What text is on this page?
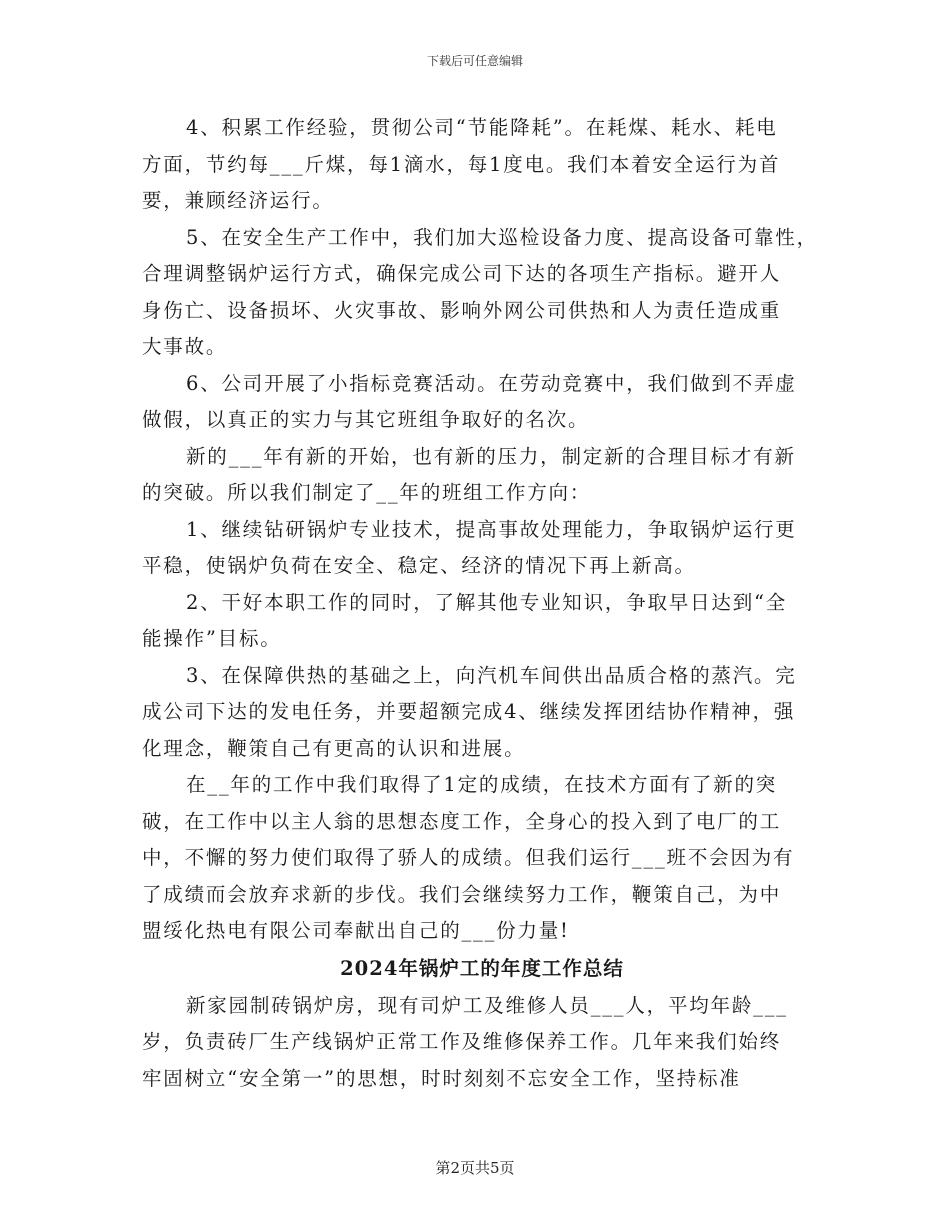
下载后可任意编辑
4、积累工作经验，贯彻公司“节能降耗”。在耗煤、耗水、耗电
方面，节约每___斤煤，每1滴水，每1度电。我们本着安全运行为首
要，兼顾经济运行。
5、在安全生产工作中，我们加大巡检设备力度、提高设备可靠性，
合理调整锅炉运行方式，确保完成公司下达的各项生产指标。避开人
身伤亡、设备损坏、火灾事故、影响外网公司供热和人为责任造成重
大事故。
6、公司开展了小指标竞赛活动。在劳动竞赛中，我们做到不弄虚
做假，以真正的实力与其它班组争取好的名次。
新的___年有新的开始，也有新的压力，制定新的合理目标才有新
的突破。所以我们制定了__年的班组工作方向：
1、继续钻研锅炉专业技术，提高事故处理能力，争取锅炉运行更
平稳，使锅炉负荷在安全、稳定、经济的情况下再上新高。
2、干好本职工作的同时，了解其他专业知识，争取早日达到“全
能操作”目标。
3、在保障供热的基础之上，向汽机车间供出品质合格的蒸汽。完
成公司下达的发电任务，并要超额完成4、继续发挥团结协作精神，强
化理念，鞭策自己有更高的认识和进展。
在__年的工作中我们取得了1定的成绩，在技术方面有了新的突
破，在工作中以主人翁的思想态度工作，全身心的投入到了电厂的工
中，不懈的努力使们取得了骄人的成绩。但我们运行___班不会因为有
了成绩而会放弃求新的步伐。我们会继续努力工作，鞭策自己，为中
盟绥化热电有限公司奉献出自己的___份力量!
2024年锅炉工的年度工作总结
新家园制砖锅炉房，现有司炉工及维修人员___人，平均年龄___
岁，负责砖厂生产线锅炉正常工作及维修保养工作。几年来我们始终
牢固树立“安全第一”的思想，时时刻刻不忘安全工作，坚持标准
第2页共5页
